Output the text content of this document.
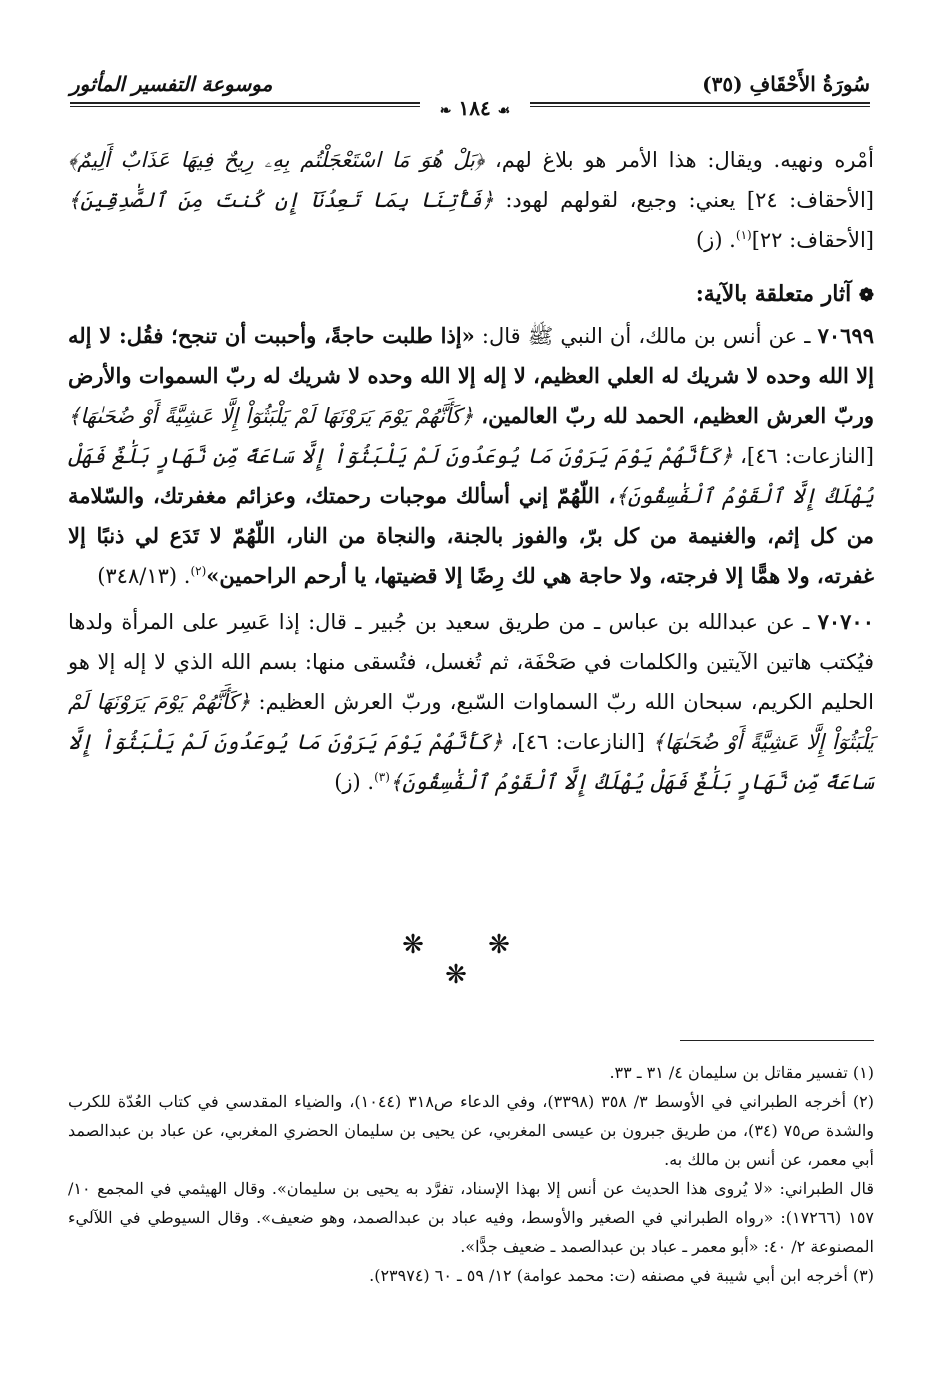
سُورَةُ الأَحْقَافِ (٣٥)
موسوعة التفسير المأثور
☙ ١٨٤ ❧

أمْره ونهيه. ويقال: هذا الأمر هو بلاغ لهم، ﴿بَلْ هُوَ مَا اسْتَعْجَلْتُم بِهِۦ رِيحٌ فِيهَا عَذَابٌ أَلِيمٌ﴾ [الأحقاف: ٢٤] يعني: وجيع، لقولهم لهود: ﴿فَأْتِنَا بِمَا تَعِدُنَآ إِن كُنتَ مِنَ ٱلصَّٰدِقِينَ﴾ [الأحقاف: ٢٢]$^{(١)}$. (ز)

❁ آثار متعلقة بالآية:

٧٠٦٩٩ ـ عن أنس بن مالك، أن النبي ﷺ قال: «إذا طلبت حاجةً، وأحببت أن تنجح؛ فقُل: لا إله إلا الله وحده لا شريك له العلي العظيم، لا إله إلا الله وحده لا شريك له ربّ السموات والأرض وربّ العرش العظيم، الحمد لله ربّ العالمين، ﴿كَأَنَّهُمْ يَوْمَ يَرَوْنَهَا لَمْ يَلْبَثُوٓاْ إِلَّا عَشِيَّةً أَوْ ضُحَىٰهَا﴾ [النازعات: ٤٦]، ﴿كَأَنَّهُمْ يَوْمَ يَرَوْنَ مَا يُوعَدُونَ لَمْ يَلْبَثُوٓاْ إِلَّا سَاعَةً مِّن نَّهَارٍ بَلَٰغٌ فَهَلْ يُهْلَكُ إِلَّا ٱلْقَوْمُ ٱلْفَٰسِقُونَ﴾، اللّهُمّ إني أسألك موجبات رحمتك، وعزائم مغفرتك، والسّلامة من كل إثم، والغنيمة من كل برّ، والفوز بالجنة، والنجاة من النار، اللّهُمّ لا تَدَع لي ذنبًا إلا غفرته، ولا همًّا إلا فرجته، ولا حاجة هي لك رِضًا إلا قضيتها، يا أرحم الراحمين»$^{(٢)}$. (٣٤٨/١٣)

٧٠٧٠٠ ـ عن عبدالله بن عباس ـ من طريق سعيد بن جُبير ـ قال: إذا عَسِر على المرأة ولدها فيُكتب هاتين الآيتين والكلمات في صَحْفَة، ثم تُغسل، فتُسقى منها: بسم الله الذي لا إله إلا هو الحليم الكريم، سبحان الله ربّ السماوات السّبع، وربّ العرش العظيم: ﴿كَأَنَّهُمْ يَوْمَ يَرَوْنَهَا لَمْ يَلْبَثُوٓاْ إِلَّا عَشِيَّةً أَوْ ضُحَىٰهَا﴾ [النازعات: ٤٦]، ﴿كَأَنَّهُمْ يَوْمَ يَرَوْنَ مَا يُوعَدُونَ لَمْ يَلْبَثُوٓاْ إِلَّا سَاعَةً مِّن نَّهَارٍ بَلَٰغٌ فَهَلْ يُهْلَكُ إِلَّا ٱلْقَوْمُ ٱلْفَٰسِقُونَ﴾$^{(٣)}$. (ز)

❋ ❋ ❋

(١) تفسير مقاتل بن سليمان ٤/ ٣١ ـ ٣٣.

(٢) أخرجه الطبراني في الأوسط ٣/ ٣٥٨ (٣٣٩٨)، وفي الدعاء ص٣١٨ (١٠٤٤)، والضياء المقدسي في كتاب العُدّة للكرب والشدة ص٧٥ (٣٤)، من طريق جبرون بن عيسى المغربي، عن يحيى بن سليمان الحضري المغربي، عن عباد بن عبدالصمد أبي معمر، عن أنس بن مالك به.

قال الطبراني: «لا يُروى هذا الحديث عن أنس إلا بهذا الإسناد، تفرَّد به يحيى بن سليمان». وقال الهيثمي في المجمع ١٠/ ١٥٧ (١٧٢٦٦): «رواه الطبراني في الصغير والأوسط، وفيه عباد بن عبدالصمد، وهو ضعيف». وقال السيوطي في اللآليء المصنوعة ٢/ ٤٠: «أبو معمر ـ عباد بن عبدالصمد ـ ضعيف جدًّا».

(٣) أخرجه ابن أبي شيبة في مصنفه (ت: محمد عوامة) ١٢/ ٥٩ ـ ٦٠ (٢٣٩٧٤).
